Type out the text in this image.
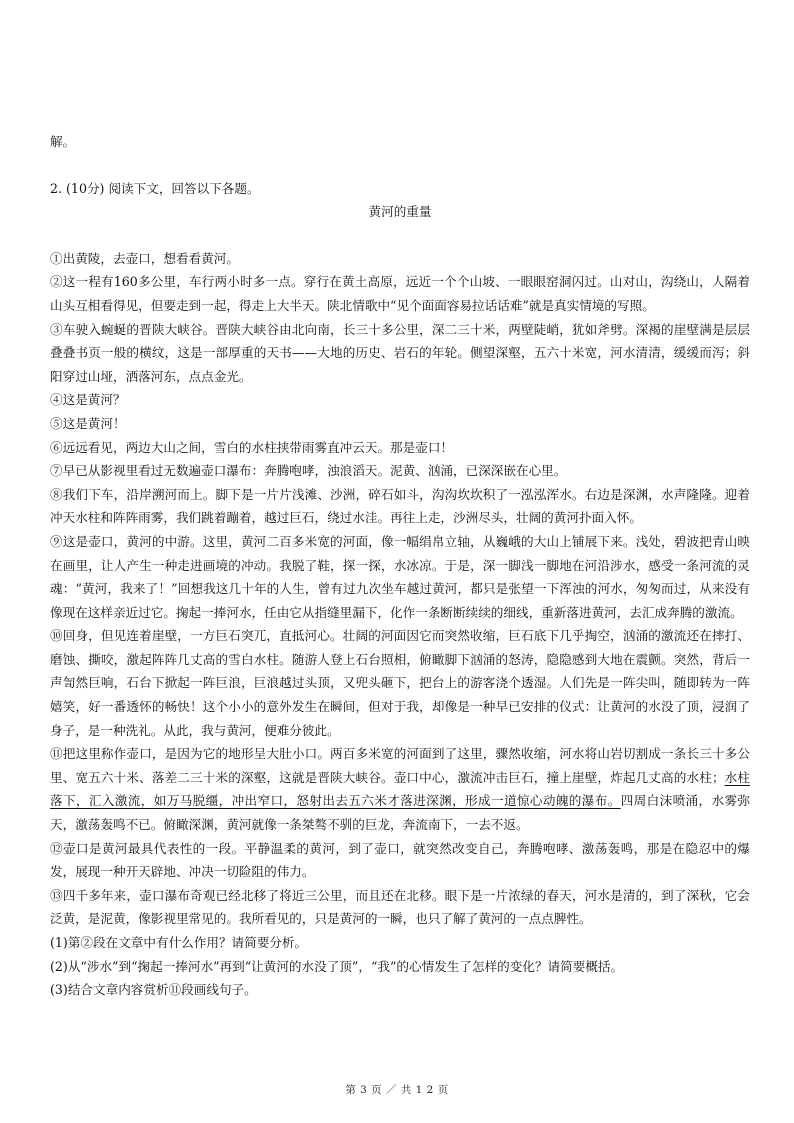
解。

2. (10分) 阅读下文，回答以下各题。

黄河的重量

①出黄陵，去壶口，想看看黄河。

②这一程有160多公里，车行两小时多一点。穿行在黄土高原，远近一个个山坡、一眼眼窑洞闪过。山对山，沟绕山，人隔着山头互相看得见，但要走到一起，得走上大半天。陕北情歌中“见个面面容易拉话话难”就是真实情境的写照。

③车驶入蜿蜒的晋陕大峡谷。晋陕大峡谷由北向南，长三十多公里，深二三十米，两壁陡峭，犹如斧劈。深褐的崖壁满是层层叠叠书页一般的横纹，这是一部厚重的天书——大地的历史、岩石的年轮。侧望深壑，五六十米宽，河水清清，缓缓而泻；斜阳穿过山垭，洒落河东，点点金光。

④这是黄河？

⑤这是黄河！

⑥远远看见，两边大山之间，雪白的水柱挟带雨雾直冲云天。那是壶口！

⑦早已从影视里看过无数遍壶口瀑布：奔腾咆哮，浊浪滔天。泥黄、汹涌，已深深嵌在心里。

⑧我们下车，沿岸溯河而上。脚下是一片片浅滩、沙洲，碎石如斗，沟沟坎坎积了一泓泓浑水。右边是深渊，水声隆隆。迎着冲天水柱和阵阵雨雾，我们跳着蹦着，越过巨石，绕过水洼。再往上走，沙洲尽头，壮阔的黄河扑面入怀。

⑨这是壶口，黄河的中游。这里，黄河二百多米宽的河面，像一幅绢帛立轴，从巍峨的大山上铺展下来。浅处，碧波把青山映在画里，让人产生一种走进画境的冲动。我脱了鞋，探一探，水冰凉。于是，深一脚浅一脚地在河沿涉水，感受一条河流的灵魂：“黄河，我来了！”回想我这几十年的人生，曾有过九次坐车越过黄河，都只是张望一下浑浊的河水，匆匆而过，从来没有像现在这样亲近过它。掬起一捧河水，任由它从指缝里漏下，化作一条断断续续的细线，重新落进黄河，去汇成奔腾的激流。

⑩回身，但见连着崖壁，一方巨石突兀，直抵河心。壮阔的河面因它而突然收缩，巨石底下几乎掏空，汹涌的激流还在摔打、磨蚀、撕咬，激起阵阵几丈高的雪白水柱。随游人登上石台照相，俯瞰脚下汹涌的怒涛，隐隐感到大地在震颤。突然，背后一声訇然巨响，石台下掀起一阵巨浪，巨浪越过头顶，又兜头砸下，把台上的游客浇个透湿。人们先是一阵尖叫，随即转为一阵嬉笑，好一番透怀的畅快！这个小小的意外发生在瞬间，但对于我，却像是一种早已安排的仪式：让黄河的水没了顶，浸润了身子，是一种洗礼。从此，我与黄河，便难分彼此。

⑪把这里称作壶口，是因为它的地形呈大肚小口。两百多米宽的河面到了这里，骤然收缩，河水将山岩切割成一条长三十多公里、宽五六十米、落差二三十米的深壑，这就是晋陕大峡谷。壶口中心，激流冲击巨石，撞上崖壁，炸起几丈高的水柱；水柱落下，汇入激流，如万马脱缰，冲出窄口，怒射出去五六米才落进深渊，形成一道惊心动魄的瀑布。四周白沫喷涌，水雾弥天，激荡轰鸣不已。俯瞰深渊，黄河就像一条桀骜不驯的巨龙，奔流南下，一去不返。

⑫壶口是黄河最具代表性的一段。平静温柔的黄河，到了壶口，就突然改变自己，奔腾咆哮、激荡轰鸣，那是在隐忍中的爆发，展现一种开天辟地、冲决一切险阻的伟力。

⑬四千多年来，壶口瀑布奇观已经北移了将近三公里，而且还在北移。眼下是一片浓绿的春天，河水是清的，到了深秋，它会泛黄，是泥黄，像影视里常见的。我所看见的，只是黄河的一瞬，也只了解了黄河的一点点脾性。

(1)第②段在文章中有什么作用？请简要分析。

(2)从“涉水”到“掬起一捧河水”再到“让黄河的水没了顶”，“我”的心情发生了怎样的变化？请简要概括。

(3)结合文章内容赏析⑪段画线句子。

第 3 页 ／ 共 1 2 页
